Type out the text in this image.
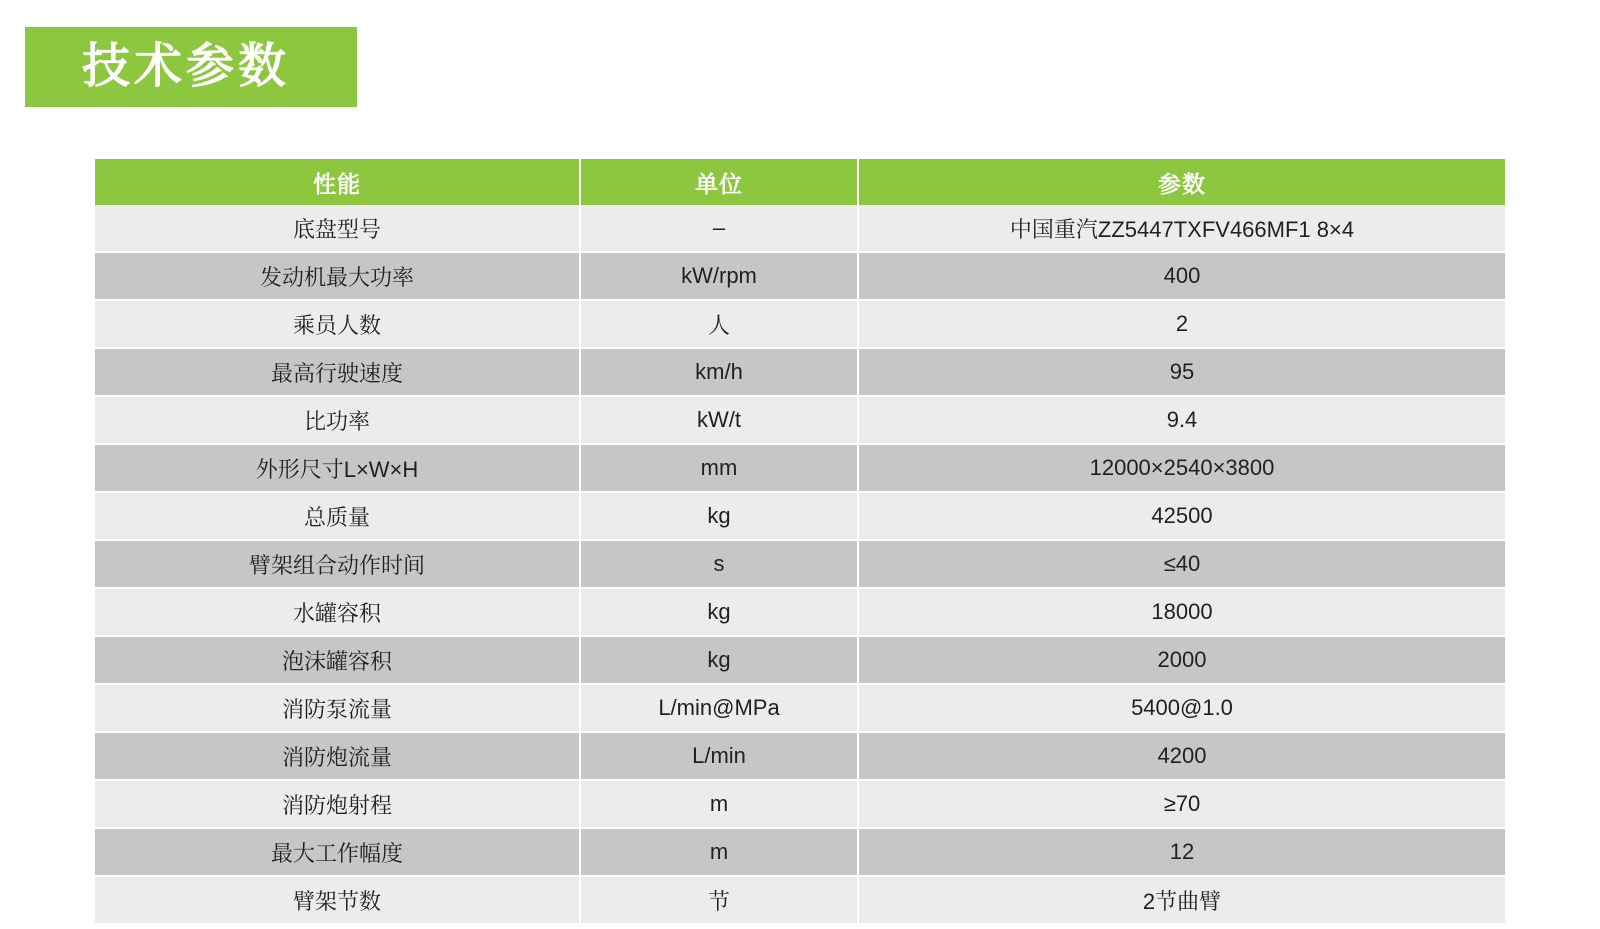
技术参数
性能	单位	参数
底盘型号	–	中国重汽ZZ5447TXFV466MF1 8×4
发动机最大功率	kW/rpm	400
乘员人数	人	2
最高行驶速度	km/h	95
比功率	kW/t	9.4
外形尺寸L×W×H	mm	12000×2540×3800
总质量	kg	42500
臂架组合动作时间	s	≤40
水罐容积	kg	18000
泡沫罐容积	kg	2000
消防泵流量	L/min@MPa	5400@1.0
消防炮流量	L/min	4200
消防炮射程	m	≥70
最大工作幅度	m	12
臂架节数	节	2节曲臂
